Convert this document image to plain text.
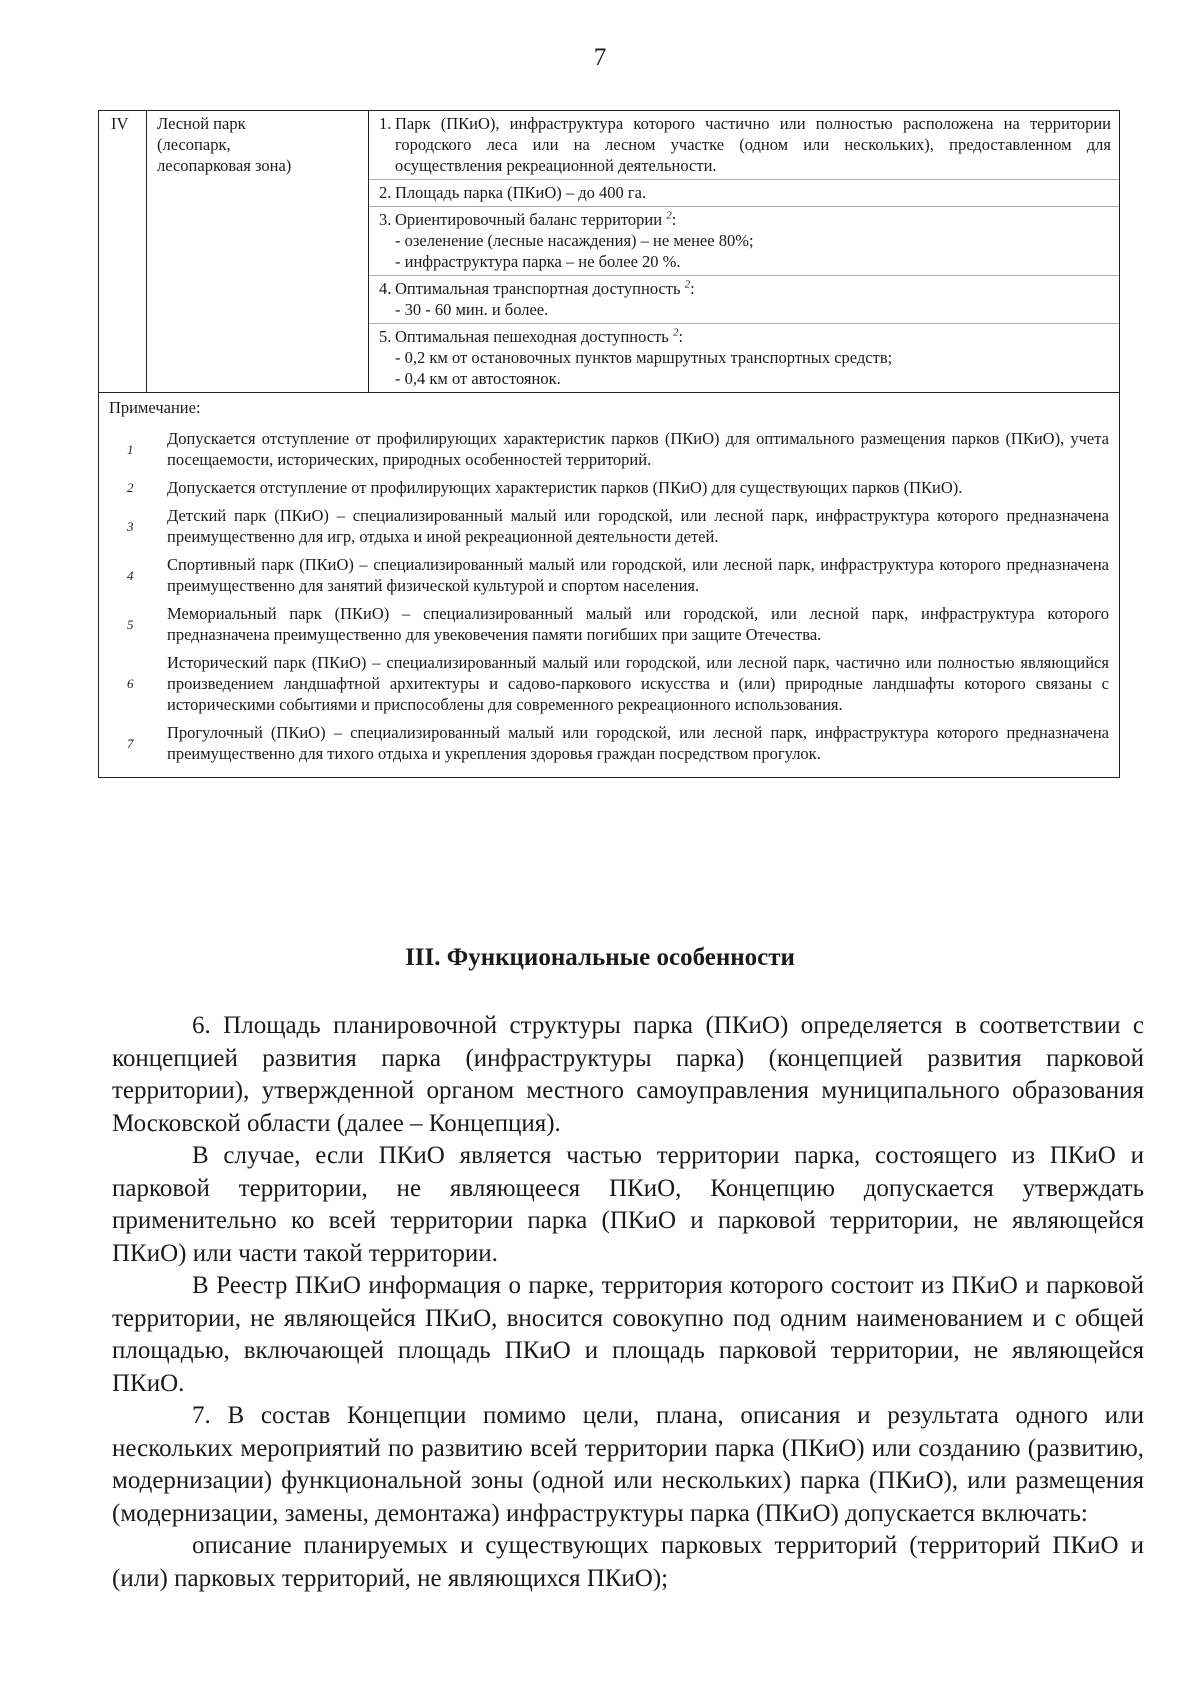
7
IV	Лесной парк
(лесопарк,
лесопарковая зона)
1. Парк (ПКиО), инфраструктура которого частично или полностью расположена на территории городского леса или на лесном участке (одном или нескольких), предоставленном для осуществления рекреационной деятельности.
2. Площадь парка (ПКиО) – до 400 га.
3. Ориентировочный баланс территории $^2$:
- озеленение (лесные насаждения) – не менее 80%;
- инфраструктура парка – не более 20 %.
4. Оптимальная транспортная доступность $^2$:
- 30 - 60 мин. и более.
5. Оптимальная пешеходная доступность $^2$:
- 0,2 км от остановочных пунктов маршрутных транспортных средств;
- 0,4 км от автостоянок.
Примечание:
1
Допускается отступление от профилирующих характеристик парков (ПКиО) для оптимального размещения парков (ПКиО), учета посещаемости, исторических, природных особенностей территорий.
2	Допускается отступление от профилирующих характеристик парков (ПКиО) для существующих парков (ПКиО).
3
Детский парк (ПКиО) – специализированный малый или городской, или лесной парк, инфраструктура которого предназначена преимущественно для игр, отдыха и иной рекреационной деятельности детей.
4
Спортивный парк (ПКиО) – специализированный малый или городской, или лесной парк, инфраструктура которого предназначена преимущественно для занятий физической культурой и спортом населения.
5
Мемориальный парк (ПКиО) – специализированный малый или городской, или лесной парк, инфраструктура которого предназначена преимущественно для увековечения памяти погибших при защите Отечества.
6
Исторический парк (ПКиО) – специализированный малый или городской, или лесной парк, частично или полностью являющийся произведением ландшафтной архитектуры и садово-паркового искусства и (или) природные ландшафты которого связаны с историческими событиями и приспособлены для современного рекреационного использования.
7
Прогулочный (ПКиО) – специализированный малый или городской, или лесной парк, инфраструктура которого предназначена преимущественно для тихого отдыха и укрепления здоровья граждан посредством прогулок.
III. Функциональные особенности

6. Площадь планировочной структуры парка (ПКиО) определяется в соответствии с концепцией развития парка (инфраструктуры парка) (концепцией развития парковой территории), утвержденной органом местного самоуправления муниципального образования Московской области (далее – Концепция).

В случае, если ПКиО является частью территории парка, состоящего из ПКиО и парковой территории, не являющееся ПКиО, Концепцию допускается утверждать применительно ко всей территории парка (ПКиО и парковой территории, не являющейся ПКиО) или части такой территории.

В Реестр ПКиО информация о парке, территория которого состоит из ПКиО и парковой территории, не являющейся ПКиО, вносится совокупно под одним наименованием и с общей площадью, включающей площадь ПКиО и площадь парковой территории, не являющейся ПКиО.

7. В состав Концепции помимо цели, плана, описания и результата одного или нескольких мероприятий по развитию всей территории парка (ПКиО) или созданию (развитию, модернизации) функциональной зоны (одной или нескольких) парка (ПКиО), или размещения (модернизации, замены, демонтажа) инфраструктуры парка (ПКиО) допускается включать:

описание планируемых и существующих парковых территорий (территорий ПКиО и (или) парковых территорий, не являющихся ПКиО);
